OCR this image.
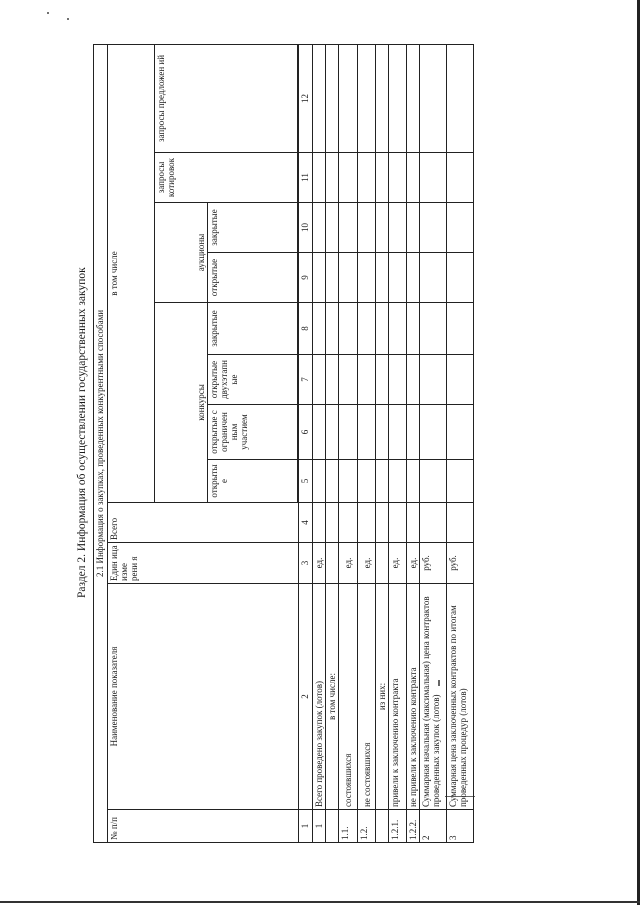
Раздел 2. Информация об осуществлении государственных закупок 2.1 Информация о закупках, проведенных конкурентными способами											
№ п/п	Наименование показателя	Един ица изме рени я	Всего	в том числе							
				конкурсы				аукционы		запросы котировок	запросы предложен ий
				открыты е	открытые с ограничен ным участием	открытые двухэтапн ые	закрытые	открытые	закрытые		

1	2	3	4	5	6	7	8	9	10	11	12
1	Всего проведено закупок (лотов)	ед.									
	в том числе:										
1.1.	состоявшихся	ед.									
1.2.	не состоявшихся	ед.									
	из них:										
1.2.1.	привели к заключению контракта	ед.									
1.2.2.	не привели к заключению контракта	ед.									
2	Суммарная начальная (максимальная) цена контрактов проведенных закупок (лотов)	руб.									
3	Суммарная цена заключенных контрактов по итогам проведенных процедур (лотов)	руб.									
